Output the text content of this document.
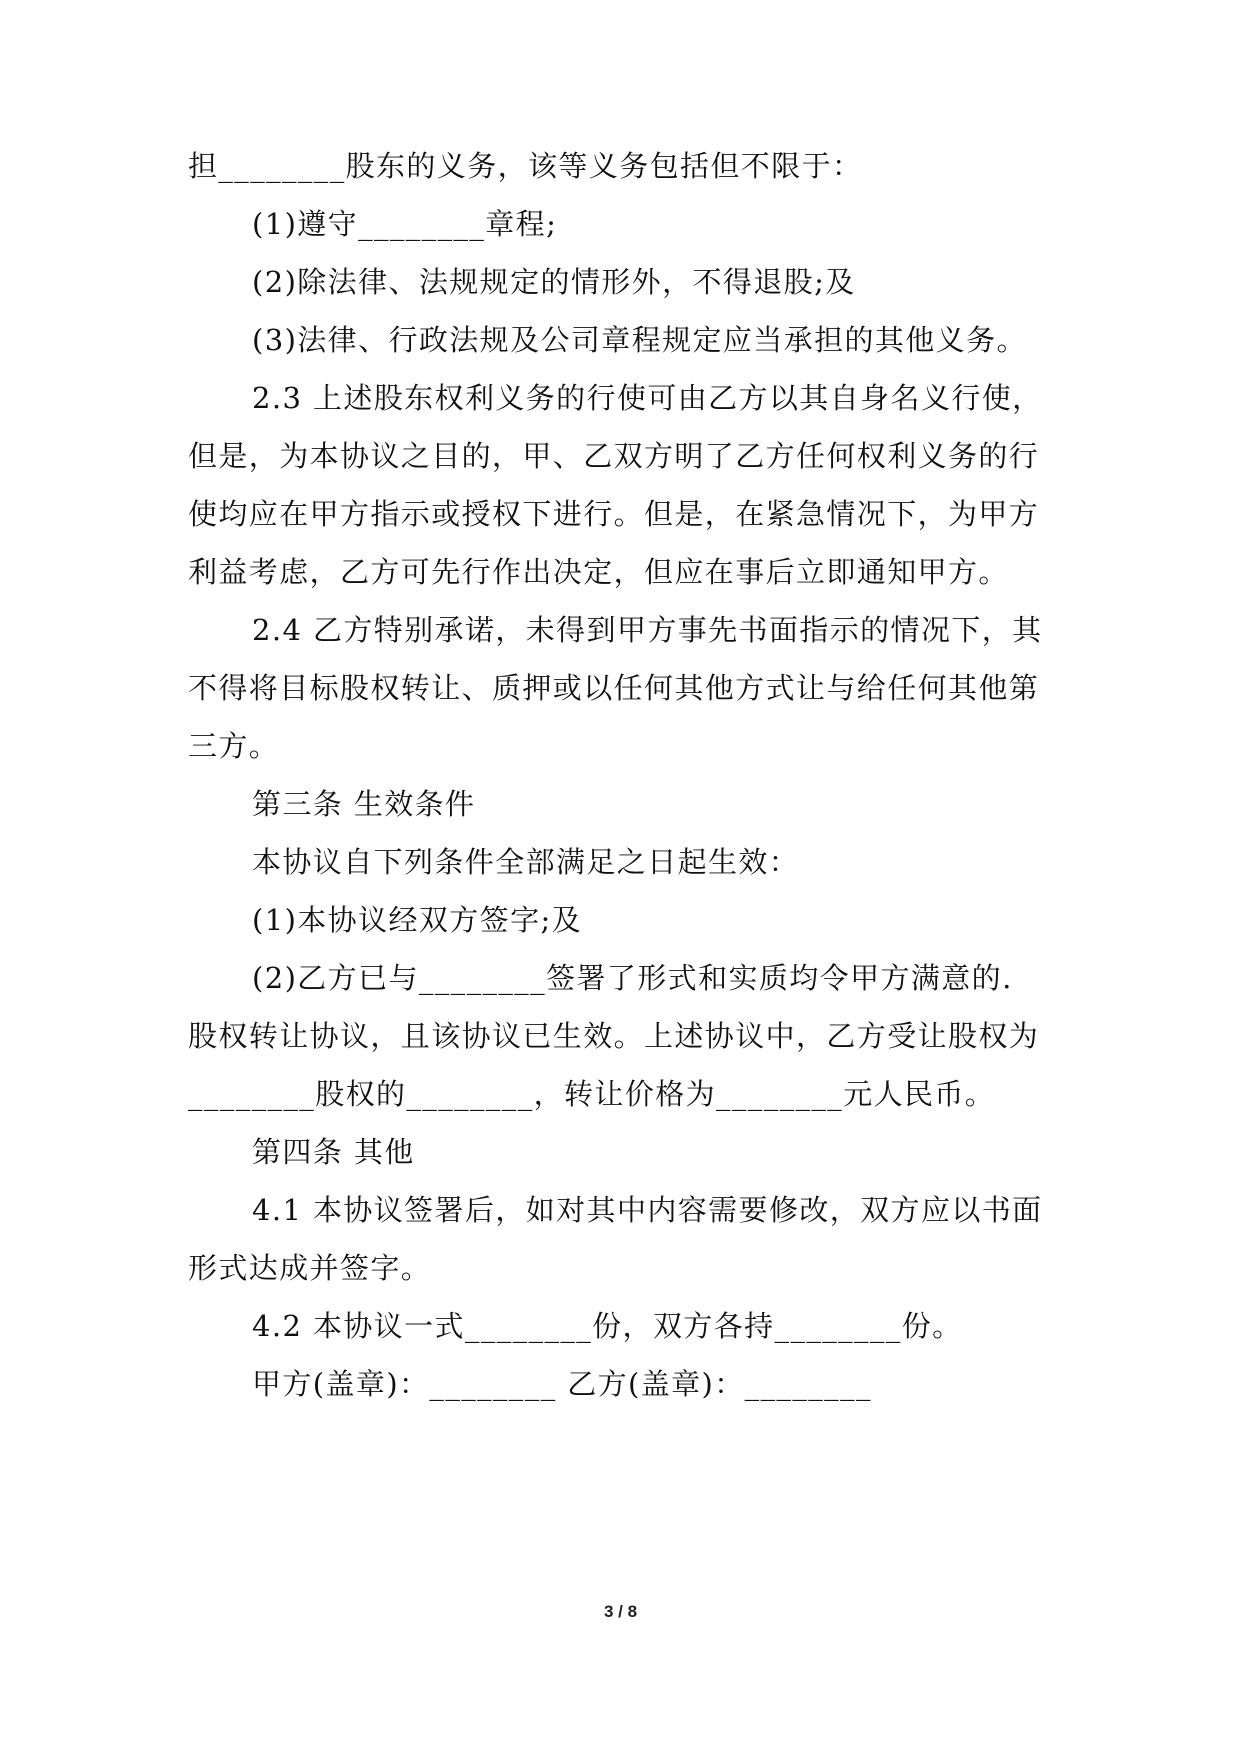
担________股东的义务，该等义务包括但不限于：
(1)遵守________章程;
(2)除法律、法规规定的情形外，不得退股;及
(3)法律、行政法规及公司章程规定应当承担的其他义务。
2.3 上述股东权利义务的行使可由乙方以其自身名义行使，
但是，为本协议之目的，甲、乙双方明了乙方任何权利义务的行
使均应在甲方指示或授权下进行。但是，在紧急情况下，为甲方
利益考虑，乙方可先行作出决定，但应在事后立即通知甲方。
2.4 乙方特别承诺，未得到甲方事先书面指示的情况下，其
不得将目标股权转让、质押或以任何其他方式让与给任何其他第
三方。
第三条 生效条件
本协议自下列条件全部满足之日起生效：
(1)本协议经双方签字;及
(2)乙方已与________签署了形式和实质均令甲方满意的.
股权转让协议，且该协议已生效。上述协议中，乙方受让股权为
________股权的________，转让价格为________元人民币。
第四条 其他
4.1 本协议签署后，如对其中内容需要修改，双方应以书面
形式达成并签字。
4.2 本协议一式________份，双方各持________份。
甲方(盖章)：________ 乙方(盖章)：________
3 / 8
